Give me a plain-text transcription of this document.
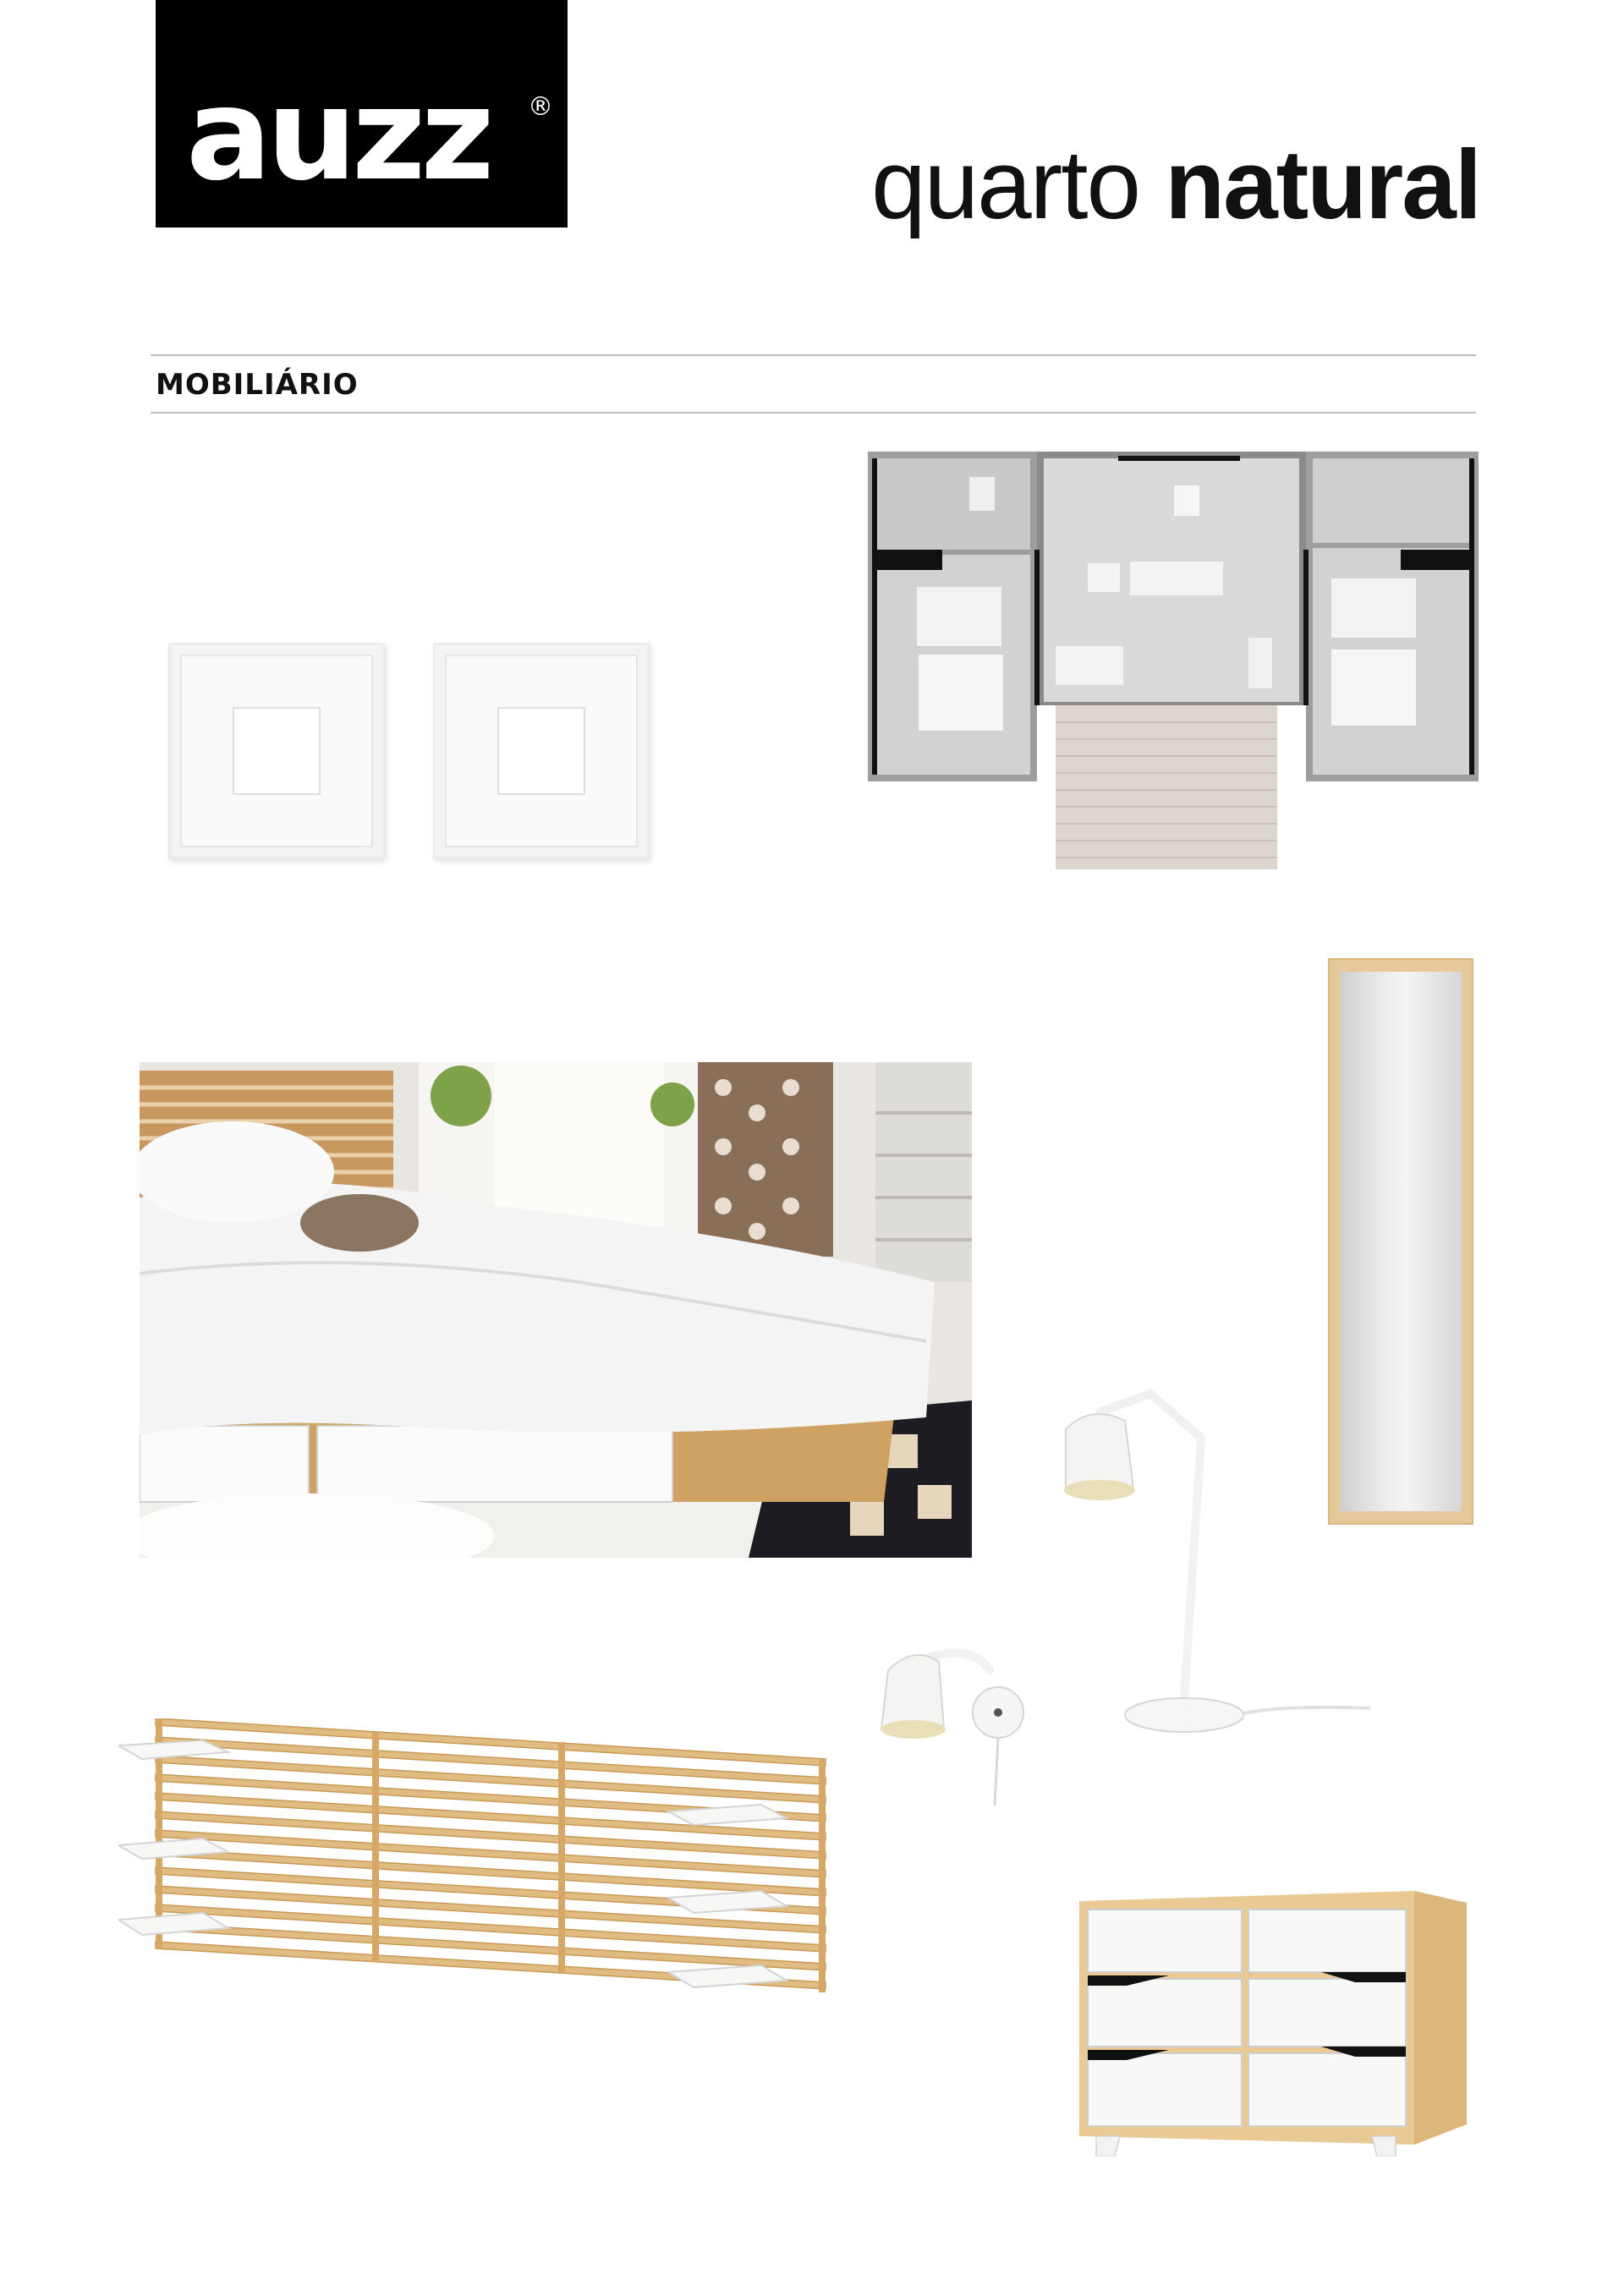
auzz ®
quarto natural
MOBILIÁRIO
